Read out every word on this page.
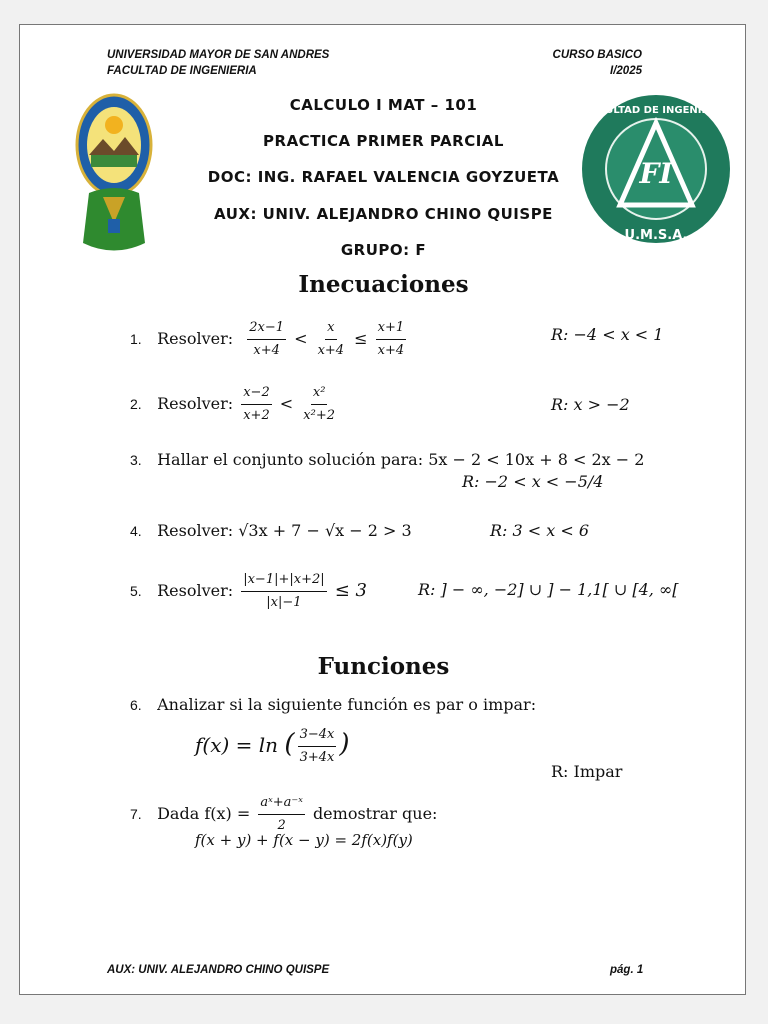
UNIVERSIDAD MAYOR DE SAN ANDRES
FACULTAD DE INGENIERIA
CURSO BASICO
I/2025
FI
U.M.S.A.
FACULTAD DE INGENIERIA
CALCULO I MAT – 101
PRACTICA PRIMER PARCIAL
DOC: ING. RAFAEL VALENCIA GOYZUETA
AUX: UNIV. ALEJANDRO CHINO QUISPE
GRUPO: F
Inecuaciones
1. Resolver: $\frac{2x-1}{x+4} < \frac{x}{x+4} \le \frac{x+1}{x+4}$	R: −4 < x < 1
2. Resolver: $\frac{x-2}{x+2} < \frac{\text{x²}}{\text{x²+2}}$	R: x > −2
3. Hallar el conjunto solución para: 5x − 2 < 10x + 8 < 2x − 2
R: −2 < x < −5/4
4. Resolver: √3x + 7 − √x − 2 > 3	R: 3 < x < 6
5. Resolver: $\frac{|x-1|+|x+2|}{|x|-1} \le 3$	R: ] − ∞, −2] ∪ ] − 1,1[ ∪ [4, ∞[
Funciones
6. Analizar si la siguiente función es par o impar:
f(x) = ln ( $\frac{3-4x}{3+4x}$ )
R: Impar
7. Dada $f(x) = \frac{\text{aˣ+a⁻ˣ}}{2}$ demostrar que:
f(x + y) + f(x − y) = 2f(x)f(y)
AUX: UNIV. ALEJANDRO CHINO QUISPE	pág. 1
